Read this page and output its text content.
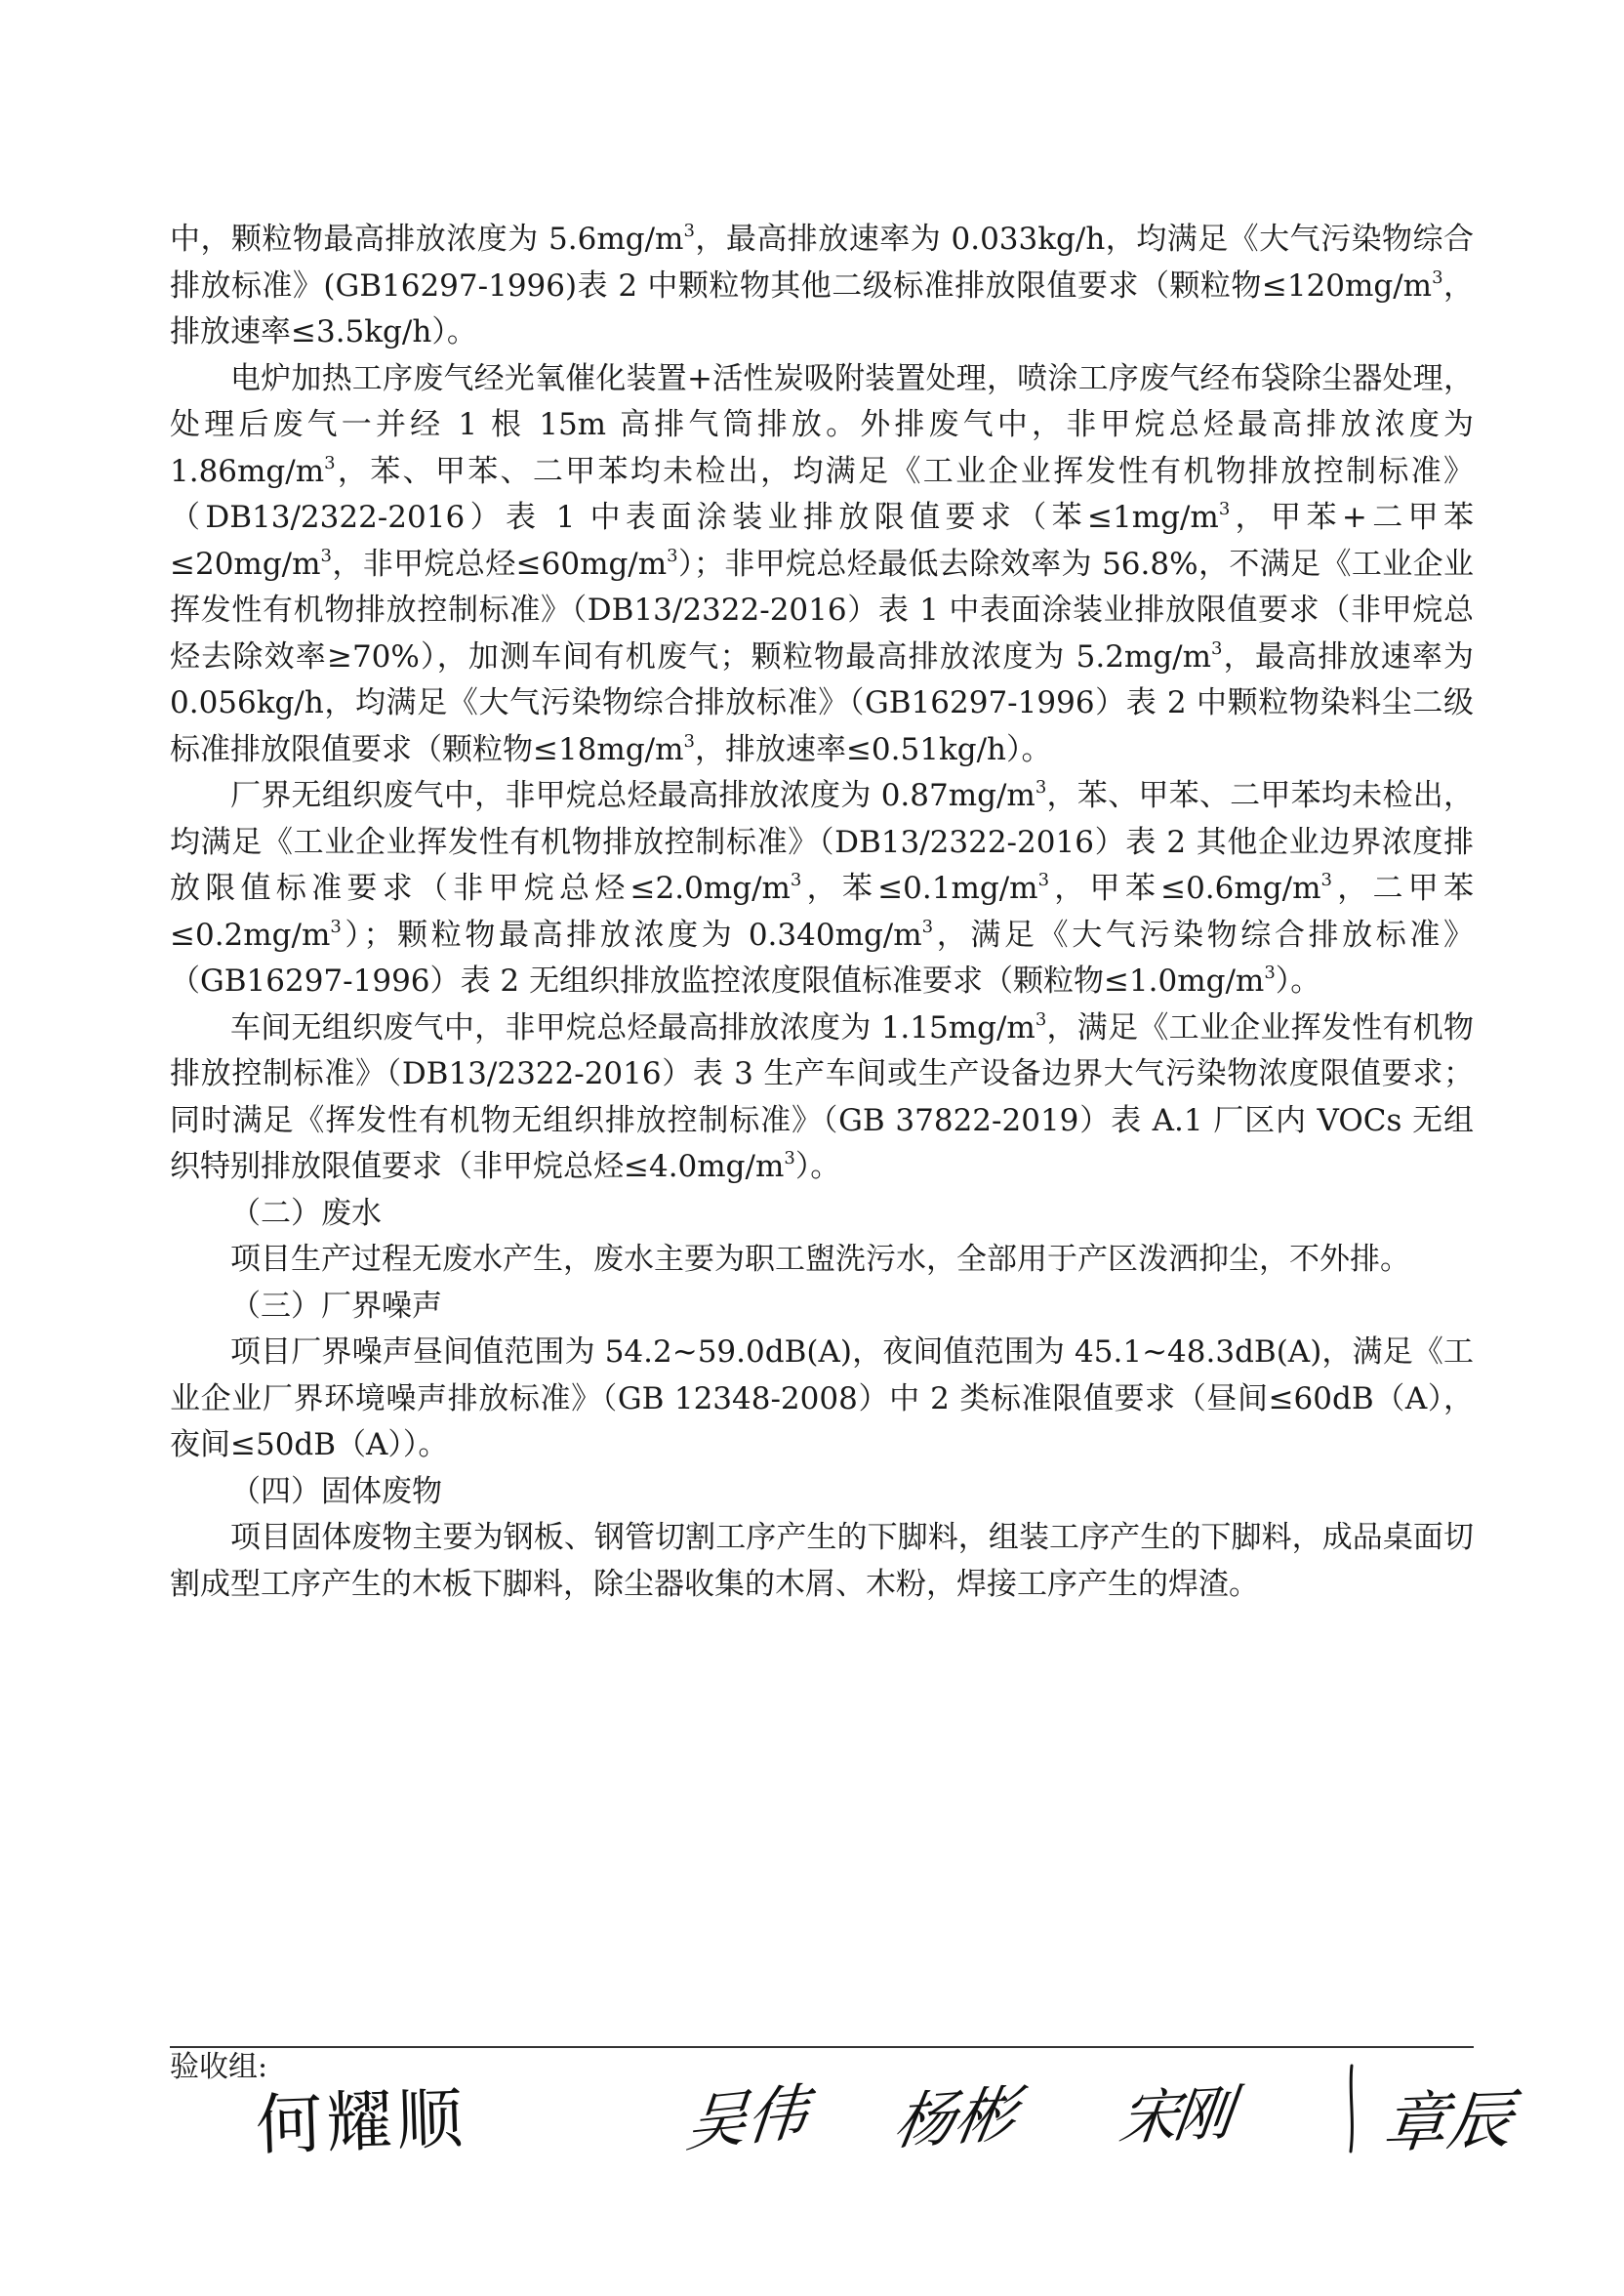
中，颗粒物最高排放浓度为 $5.6mg/m^3$，最高排放速率为 0.033kg/h，均满足《大气污染物综合排放标准》(GB16297-1996)表 2 中颗粒物其他二级标准排放限值要求（颗粒物$\le 120mg/m^3$，排放速率≤3.5kg/h）。

电炉加热工序废气经光氧催化装置+活性炭吸附装置处理，喷涂工序废气经布袋除尘器处理，处理后废气一并经 1 根 15m 高排气筒排放。外排废气中，非甲烷总烃最高排放浓度为 $1.86mg/m^3$，苯、甲苯、二甲苯均未检出，均满足《工业企业挥发性有机物排放控制标准》（DB13/2322-2016）表 1 中表面涂装业排放限值要求（苯$\le 1mg/m^3$，甲苯+二甲苯$\le 20mg/m^3$，非甲烷总烃$\le 60mg/m^3$）；非甲烷总烃最低去除效率为 56.8%，不满足《工业企业挥发性有机物排放控制标准》（DB13/2322-2016）表 1 中表面涂装业排放限值要求（非甲烷总烃去除效率≥70%），加测车间有机废气；颗粒物最高排放浓度为 $5.2mg/m^3$，最高排放速率为 0.056kg/h，均满足《大气污染物综合排放标准》（GB16297-1996）表 2 中颗粒物染料尘二级标准排放限值要求（颗粒物$\le 18mg/m^3$，排放速率≤0.51kg/h）。

厂界无组织废气中，非甲烷总烃最高排放浓度为 $0.87mg/m^3$，苯、甲苯、二甲苯均未检出，均满足《工业企业挥发性有机物排放控制标准》（DB13/2322-2016）表 2 其他企业边界浓度排放限值标准要求（非甲烷总烃$\le 2.0mg/m^3$，苯$\le 0.1mg/m^3$，甲苯$\le 0.6mg/m^3$，二甲苯$\le 0.2mg/m^3$）；颗粒物最高排放浓度为 $0.340mg/m^3$，满足《大气污染物综合排放标准》（GB16297-1996）表 2 无组织排放监控浓度限值标准要求（颗粒物$\le 1.0mg/m^3$）。

车间无组织废气中，非甲烷总烃最高排放浓度为 $1.15mg/m^3$，满足《工业企业挥发性有机物排放控制标准》（DB13/2322-2016）表 3 生产车间或生产设备边界大气污染物浓度限值要求；同时满足《挥发性有机物无组织排放控制标准》（GB 37822-2019）表 A.1 厂区内 VOCs 无组织特别排放限值要求（非甲烷总烃$\le 4.0mg/m^3$）。

（二）废水

项目生产过程无废水产生，废水主要为职工盥洗污水，全部用于产区泼洒抑尘，不外排。

（三）厂界噪声

项目厂界噪声昼间值范围为 54.2~59.0dB(A)，夜间值范围为 45.1~48.3dB(A)，满足《工业企业厂界环境噪声排放标准》（GB 12348-2008）中 2 类标准限值要求（昼间≤60dB（A），夜间≤50dB（A））。

（四）固体废物

项目固体废物主要为钢板、钢管切割工序产生的下脚料，组装工序产生的下脚料，成品桌面切割成型工序产生的木板下脚料，除尘器收集的木屑、木粉，焊接工序产生的焊渣。

验收组:
何耀顺	吴伟 杨彬 宋刚 章辰
